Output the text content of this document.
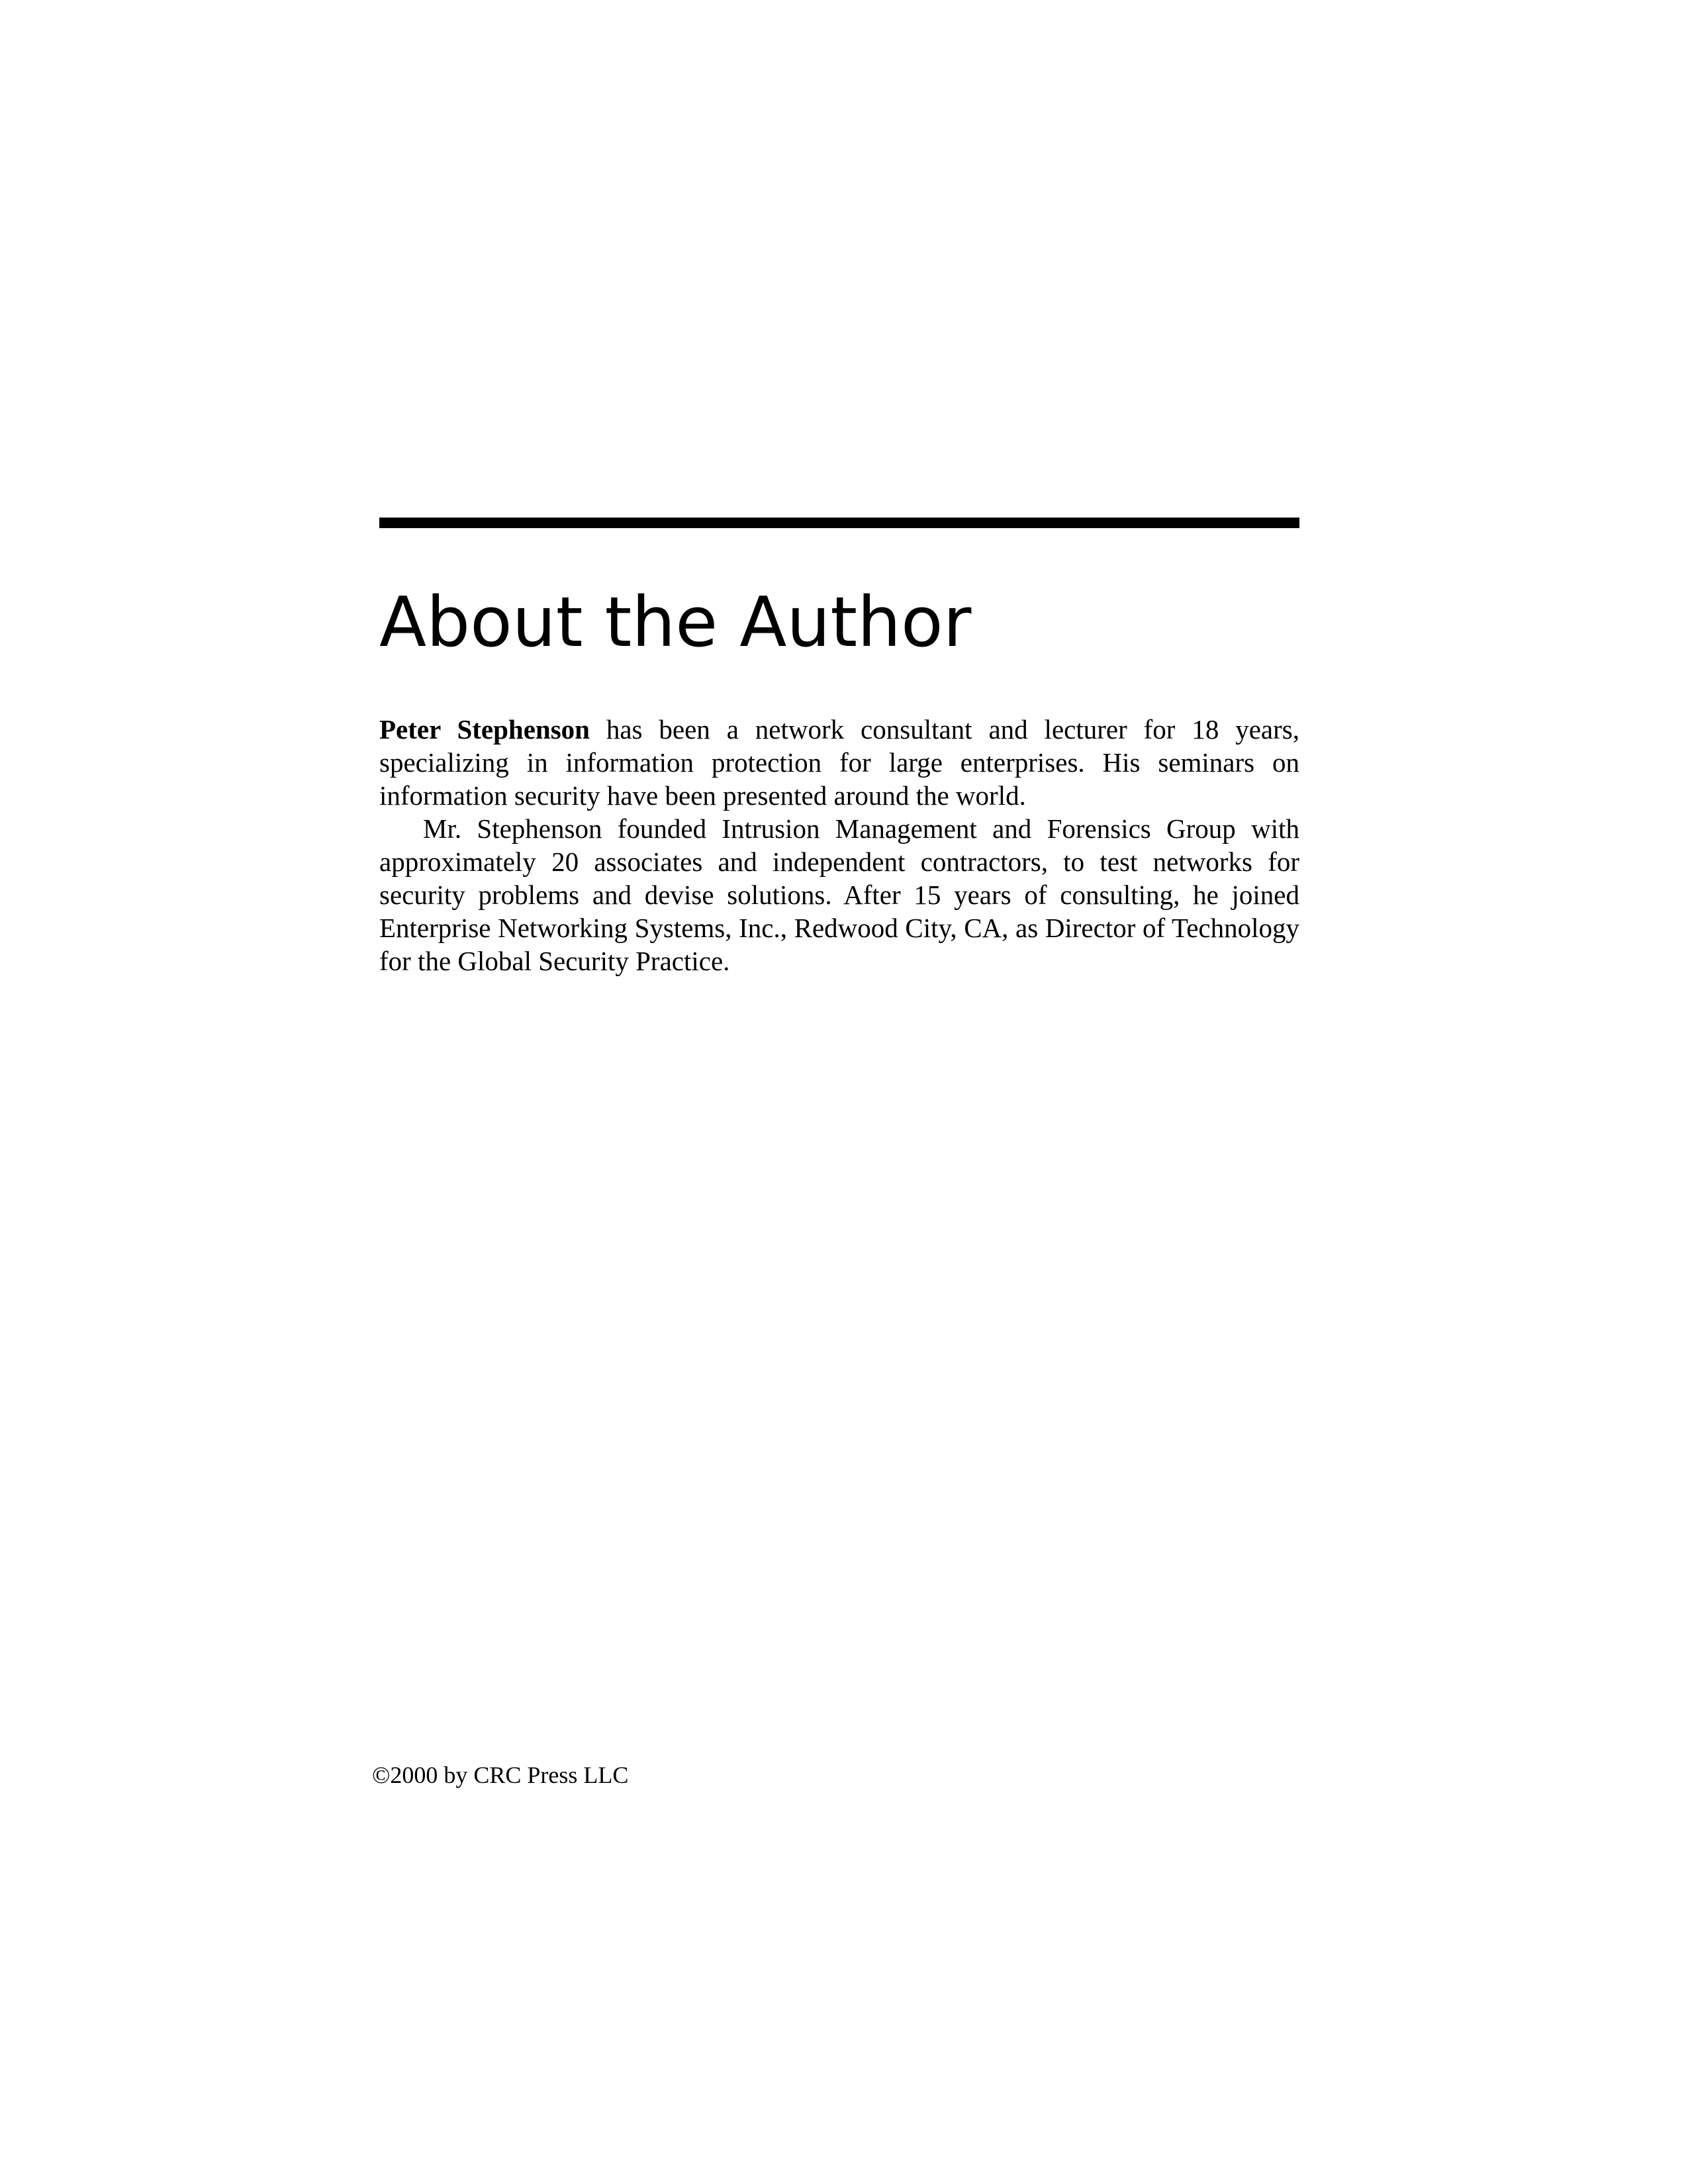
About the Author

Peter Stephenson has been a network consultant and lecturer for 18 years, specializing in information protection for large enterprises. His seminars on information security have been presented around the world.

Mr. Stephenson founded Intrusion Management and Forensics Group with approximately 20 associates and independent contractors, to test networks for security problems and devise solutions. After 15 years of consulting, he joined Enterprise Networking Systems, Inc., Redwood City, CA, as Director of Technology for the Global Security Practice.

©2000 by CRC Press LLC
